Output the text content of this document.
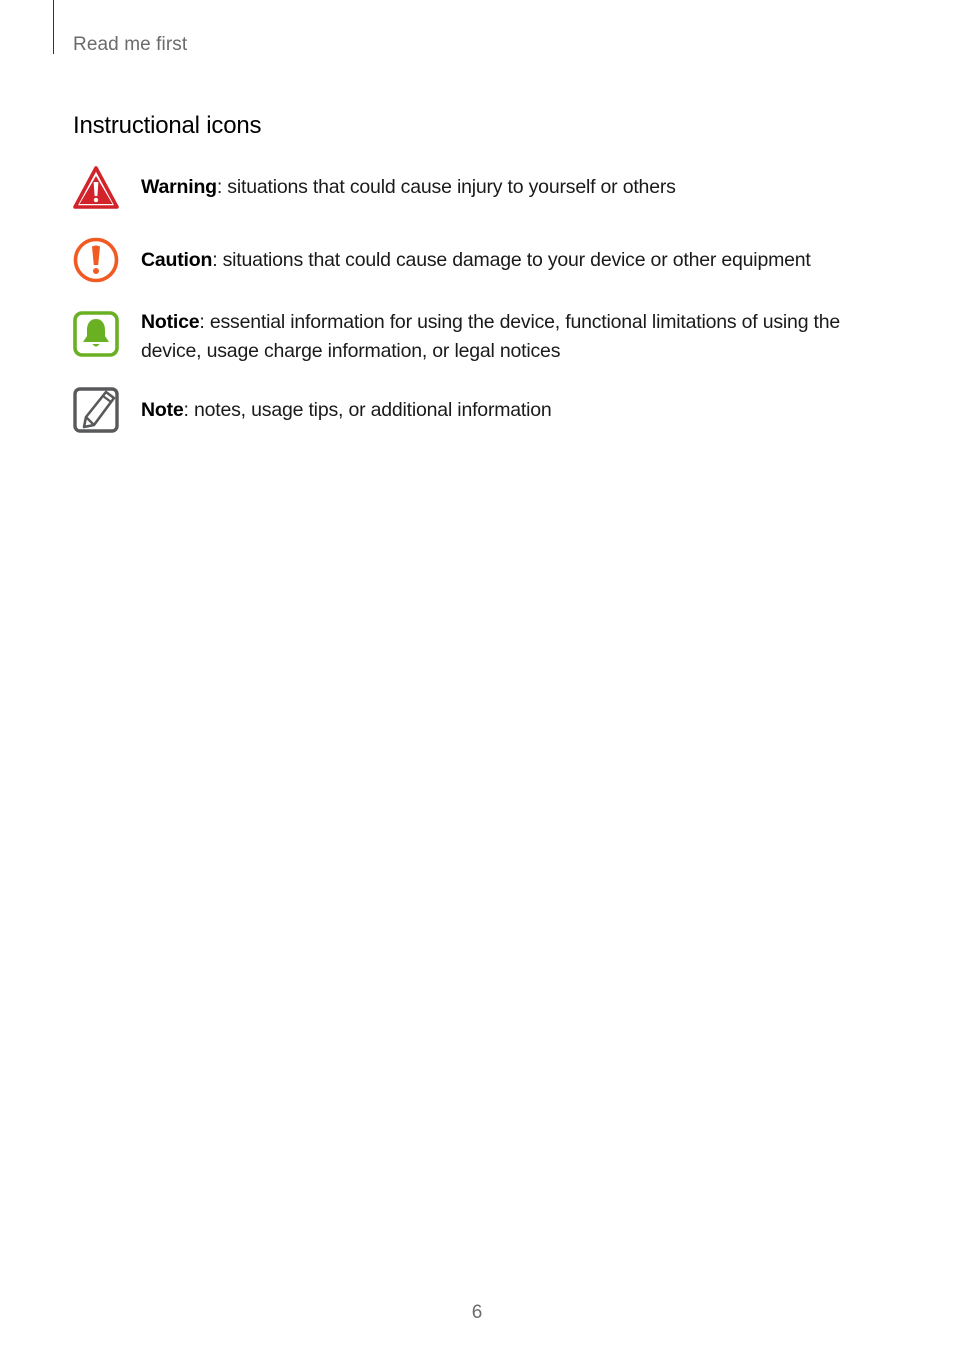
Read me first
Instructional icons
Warning: situations that could cause injury to yourself or others
Caution: situations that could cause damage to your device or other equipment
Notice: essential information for using the device, functional limitations of using the device, usage charge information, or legal notices
Note: notes, usage tips, or additional information
6
